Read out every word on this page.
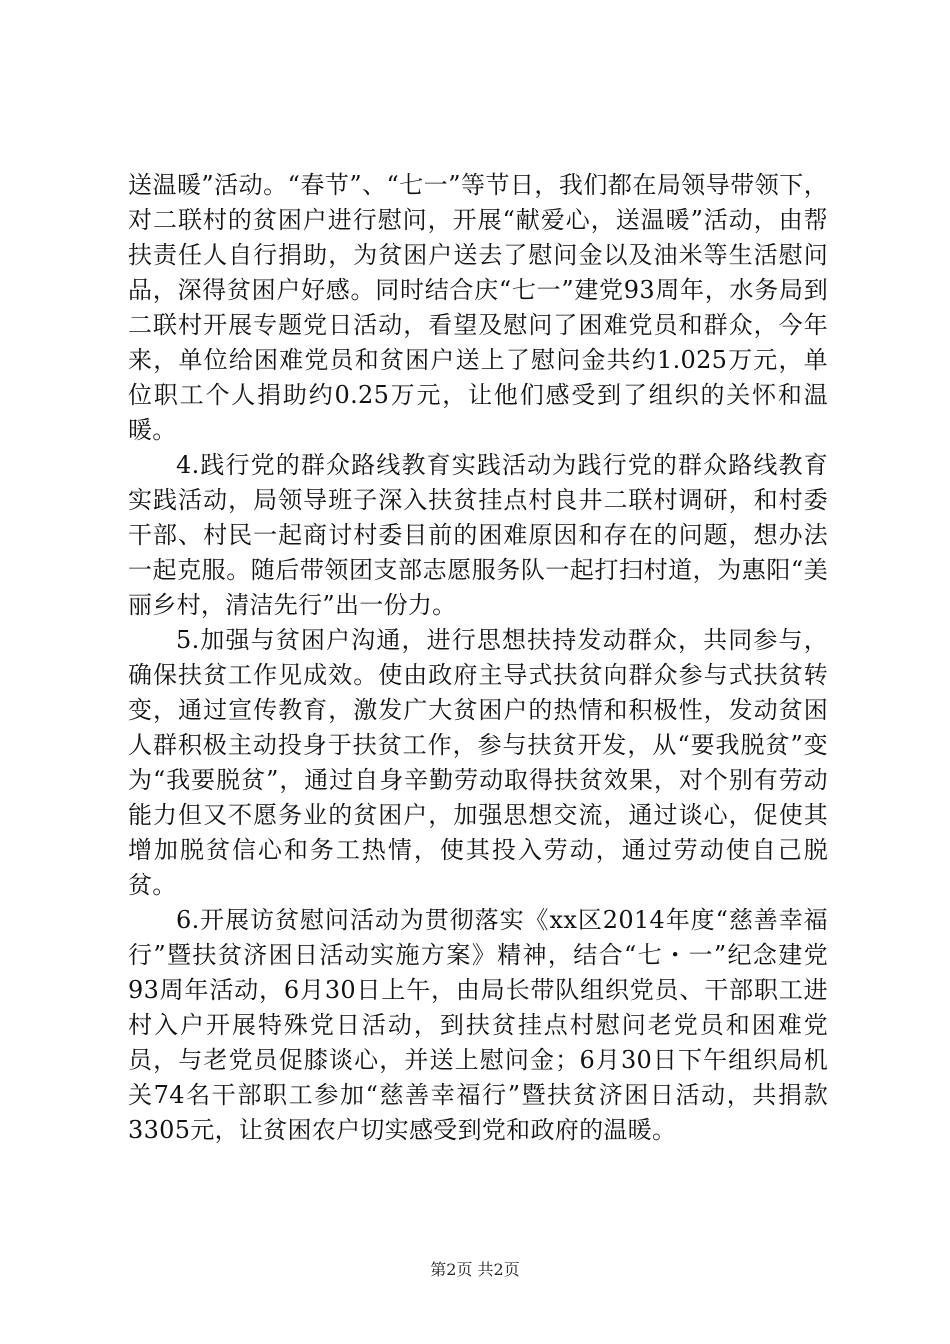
送温暖”活动。“春节”、“七一”等节日，我们都在局领导带领下，对二联村的贫困户进行慰问，开展“献爱心，送温暖”活动，由帮扶责任人自行捐助，为贫困户送去了慰问金以及油米等生活慰问品，深得贫困户好感。同时结合庆“七一”建党93周年，水务局到二联村开展专题党日活动，看望及慰问了困难党员和群众，今年来，单位给困难党员和贫困户送上了慰问金共约1.025万元，单位职工个人捐助约0.25万元，让他们感受到了组织的关怀和温暖。

4.践行党的群众路线教育实践活动为践行党的群众路线教育实践活动，局领导班子深入扶贫挂点村良井二联村调研，和村委干部、村民一起商讨村委目前的困难原因和存在的问题，想办法一起克服。随后带领团支部志愿服务队一起打扫村道，为惠阳“美丽乡村，清洁先行”出一份力。

5.加强与贫困户沟通，进行思想扶持发动群众，共同参与，确保扶贫工作见成效。使由政府主导式扶贫向群众参与式扶贫转变，通过宣传教育，激发广大贫困户的热情和积极性，发动贫困人群积极主动投身于扶贫工作，参与扶贫开发，从“要我脱贫”变为“我要脱贫”，通过自身辛勤劳动取得扶贫效果，对个别有劳动能力但又不愿务业的贫困户，加强思想交流，通过谈心，促使其增加脱贫信心和务工热情，使其投入劳动，通过劳动使自己脱贫。

6.开展访贫慰问活动为贯彻落实《xx区2014年度“慈善幸福行”暨扶贫济困日活动实施方案》精神，结合“七・一”纪念建党93周年活动，6月30日上午，由局长带队组织党员、干部职工进村入户开展特殊党日活动，到扶贫挂点村慰问老党员和困难党员，与老党员促膝谈心，并送上慰问金；6月30日下午组织局机关74名干部职工参加“慈善幸福行”暨扶贫济困日活动，共捐款3305元，让贫困农户切实感受到党和政府的温暖。

第2页 共2页
